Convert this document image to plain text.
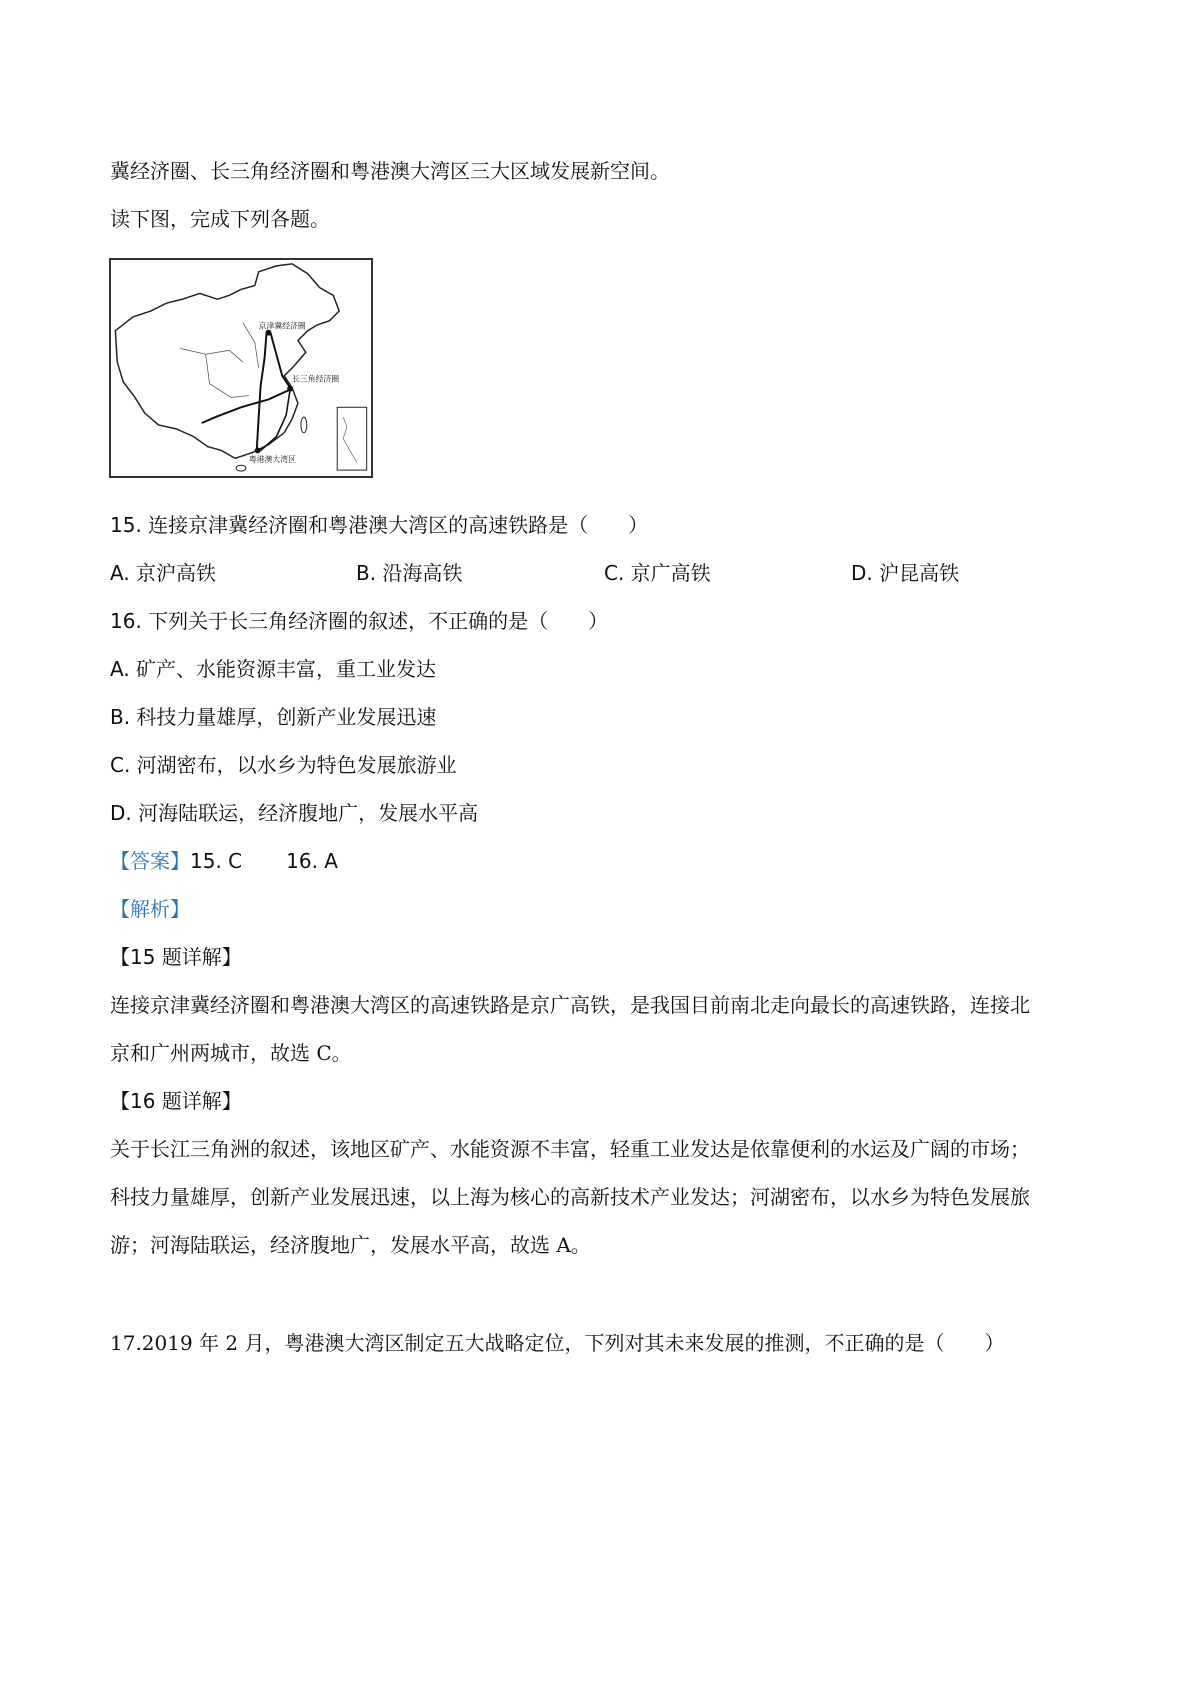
冀经济圈、长三角经济圈和粤港澳大湾区三大区域发展新空间。
读下图，完成下列各题。
京津冀经济圈
长三角经济圈
粤港澳大湾区
15. 连接京津冀经济圈和粤港澳大湾区的高速铁路是（　　）
A. 京沪高铁	B. 沿海高铁	C. 京广高铁	D. 沪昆高铁
16. 下列关于长三角经济圈的叙述，不正确的是（　　）
A. 矿产、水能资源丰富，重工业发达
B. 科技力量雄厚，创新产业发展迅速
C. 河湖密布，以水乡为特色发展旅游业
D. 河海陆联运，经济腹地广，发展水平高
【答案】15. C 16. A
【解析】
【15 题详解】
连接京津冀经济圈和粤港澳大湾区的高速铁路是京广高铁，是我国目前南北走向最长的高速铁路，连接北
京和广州两城市，故选 C。
【16 题详解】
关于长江三角洲的叙述，该地区矿产、水能资源不丰富，轻重工业发达是依靠便利的水运及广阔的市场；
科技力量雄厚，创新产业发展迅速，以上海为核心的高新技术产业发达；河湖密布，以水乡为特色发展旅
游；河海陆联运，经济腹地广，发展水平高，故选 A。
17.2019 年 2 月，粤港澳大湾区制定五大战略定位，下列对其未来发展的推测，不正确的是（　　）
